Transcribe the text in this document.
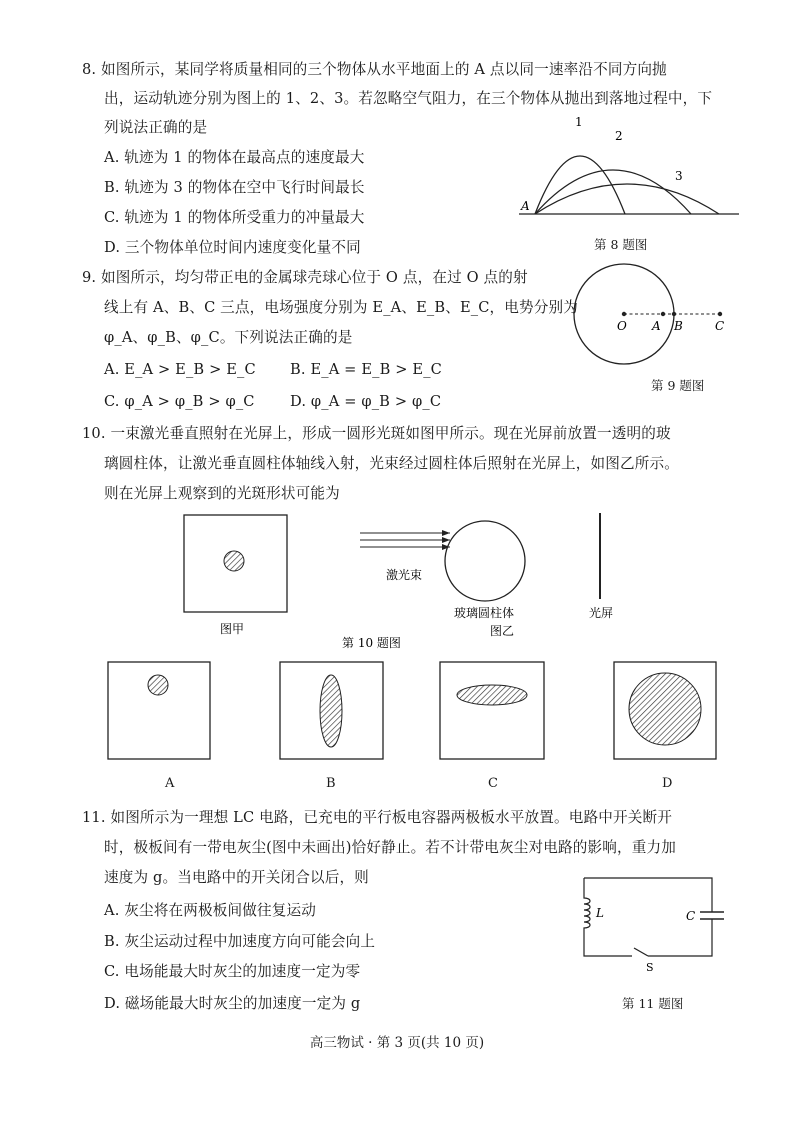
8. 如图所示，某同学将质量相同的三个物体从水平地面上的 A 点以同一速率沿不同方向抛
出，运动轨迹分别为图上的 1、2、3。若忽略空气阻力，在三个物体从抛出到落地过程中，下
列说法正确的是
A. 轨迹为 1 的物体在最高点的速度最大
B. 轨迹为 3 的物体在空中飞行时间最长
C. 轨迹为 1 的物体所受重力的冲量最大
D. 三个物体单位时间内速度变化量不同
A
1
2
3
第 8 题图
9. 如图所示，均匀带正电的金属球壳球心位于 O 点，在过 O 点的射
线上有 A、B、C 三点，电场强度分别为 E_A、E_B、E_C，电势分别为
φ_A、φ_B、φ_C。下列说法正确的是
A. E_A > E_B > E_C B. E_A = E_B > E_C
C. φ_A > φ_B > φ_C D. φ_A = φ_B > φ_C
O A B	C
第 9 题图
10. 一束激光垂直照射在光屏上，形成一圆形光斑如图甲所示。现在光屏前放置一透明的玻
璃圆柱体，让激光垂直圆柱体轴线入射，光束经过圆柱体后照射在光屏上，如图乙所示。
则在光屏上观察到的光斑形状可能为
图甲
激光束
玻璃圆柱体	光屏
图乙
第 10 题图
A	B	C	D
11. 如图所示为一理想 LC 电路，已充电的平行板电容器两极板水平放置。电路中开关断开
时，极板间有一带电灰尘(图中未画出)恰好静止。若不计带电灰尘对电路的影响，重力加
速度为 g。当电路中的开关闭合以后，则
A. 灰尘将在两极板间做往复运动
B. 灰尘运动过程中加速度方向可能会向上
C. 电场能最大时灰尘的加速度一定为零
D. 磁场能最大时灰尘的加速度一定为 g
L	C
S
第 11 题图
高三物试 · 第 3 页(共 10 页)
